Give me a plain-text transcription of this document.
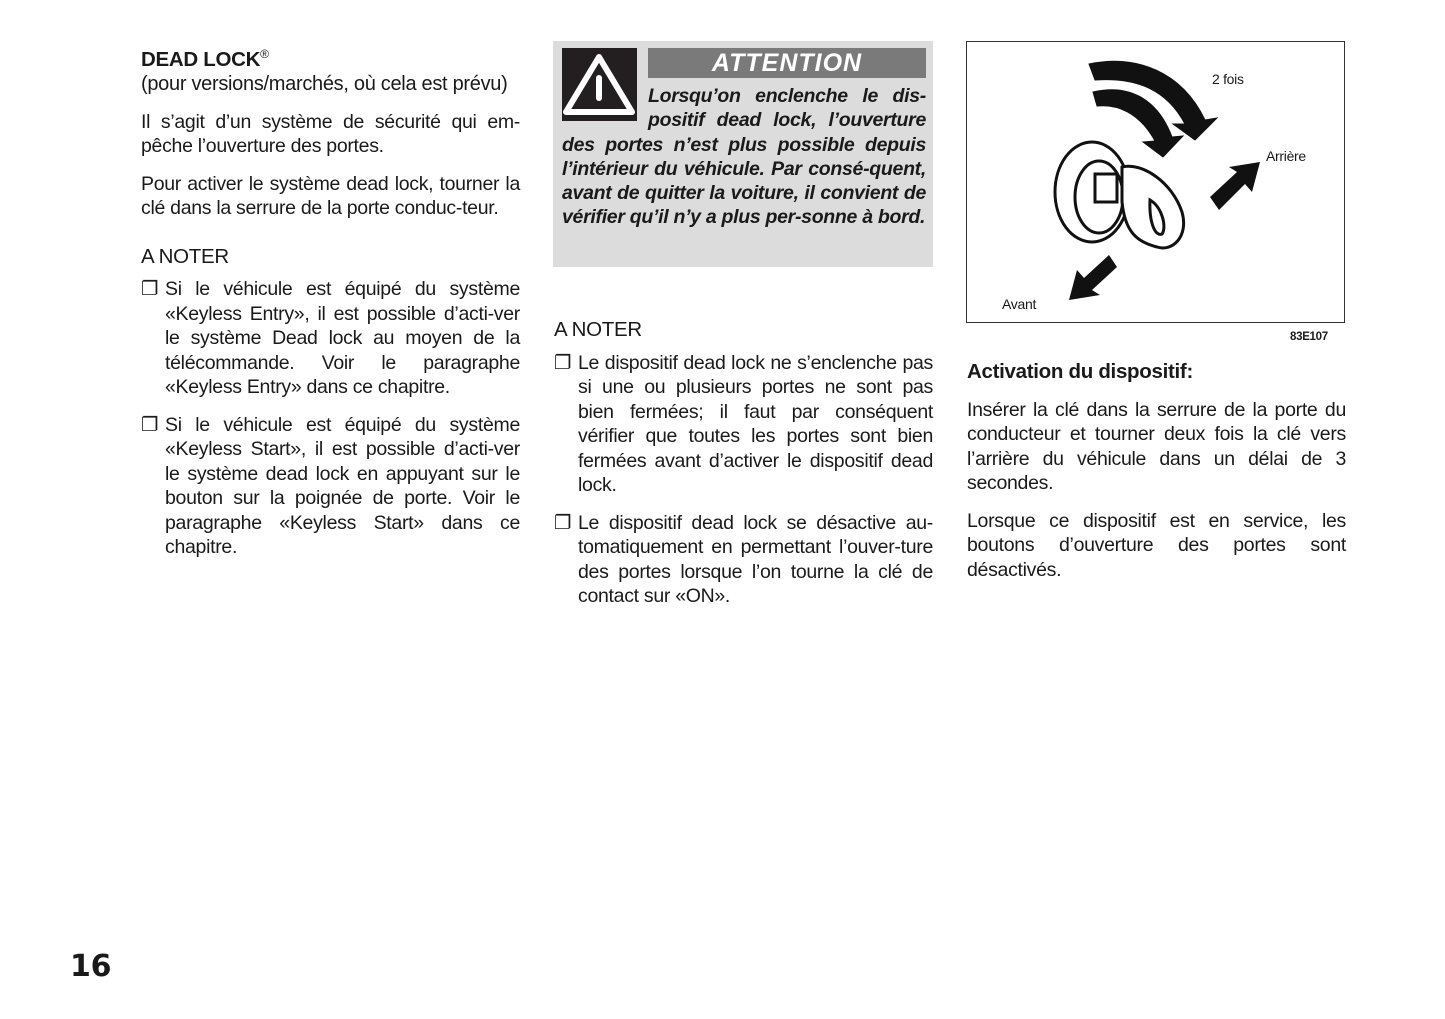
DEAD LOCK®

(pour versions/marchés, où cela est prévu)

Il s’agit d’un système de sécurité qui em-pêche l’ouverture des portes.

Pour activer le système dead lock, tourner la clé dans la serrure de la porte conduc-teur.

A NOTER
❐ Si le véhicule est équipé du système «Keyless Entry», il est possible d’acti-ver le système Dead lock au moyen de la télécommande. Voir le paragraphe «Keyless Entry» dans ce chapitre.
❐ Si le véhicule est équipé du système «Keyless Start», il est possible d’acti-ver le système dead lock en appuyant sur le bouton sur la poignée de porte. Voir le paragraphe «Keyless Start» dans ce chapitre.
ATTENTION
Lorsqu’on enclenche le dis-positif dead lock, l’ouverture des portes n’est plus possible depuis l’intérieur du véhicule. Par consé-quent, avant de quitter la voiture, il convient de vérifier qu’il n’y a plus per-sonne à bord.
A NOTER
❐ Le dispositif dead lock ne s’enclenche pas si une ou plusieurs portes ne sont pas bien fermées; il faut par conséquent vérifier que toutes les portes sont bien fermées avant d’activer le dispositif dead lock.
❐ Le dispositif dead lock se désactive au-tomatiquement en permettant l’ouver-ture des portes lorsque l’on tourne la clé de contact sur «ON».
2 fois
Arrière
Avant
83E107
Activation du dispositif:

Insérer la clé dans la serrure de la porte du conducteur et tourner deux fois la clé vers l’arrière du véhicule dans un délai de 3 secondes.

Lorsque ce dispositif est en service, les boutons d’ouverture des portes sont désactivés.

16
